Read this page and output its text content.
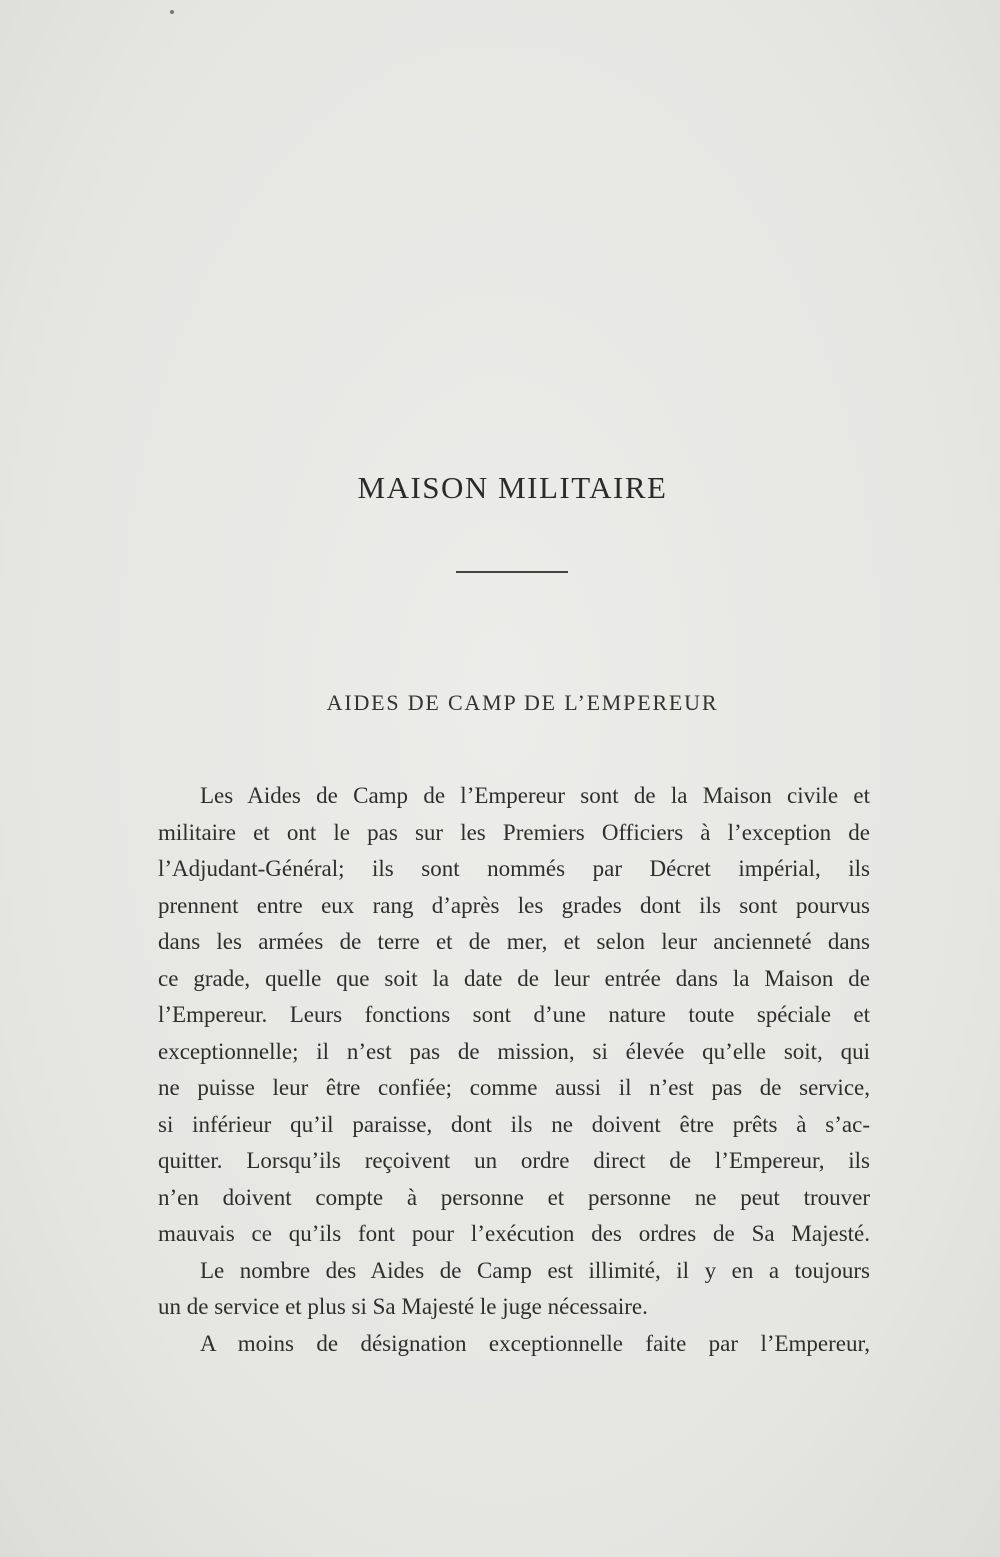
MAISON MILITAIRE
AIDES DE CAMP DE L’EMPEREUR
Les Aides de Camp de l’Empereur sont de la Maison civile et
militaire et ont le pas sur les Premiers Officiers à l’exception de
l’Adjudant-Général; ils sont nommés par Décret impérial, ils
prennent entre eux rang d’après les grades dont ils sont pourvus
dans les armées de terre et de mer, et selon leur ancienneté dans
ce grade, quelle que soit la date de leur entrée dans la Maison de
l’Empereur. Leurs fonctions sont d’une nature toute spéciale et
exceptionnelle; il n’est pas de mission, si élevée qu’elle soit, qui
ne puisse leur être confiée; comme aussi il n’est pas de service,
si inférieur qu’il paraisse, dont ils ne doivent être prêts à s’ac-
quitter. Lorsqu’ils reçoivent un ordre direct de l’Empereur, ils
n’en doivent compte à personne et personne ne peut trouver
mauvais ce qu’ils font pour l’exécution des ordres de Sa Majesté.
Le nombre des Aides de Camp est illimité, il y en a toujours
un de service et plus si Sa Majesté le juge nécessaire.
A moins de désignation exceptionnelle faite par l’Empereur,
